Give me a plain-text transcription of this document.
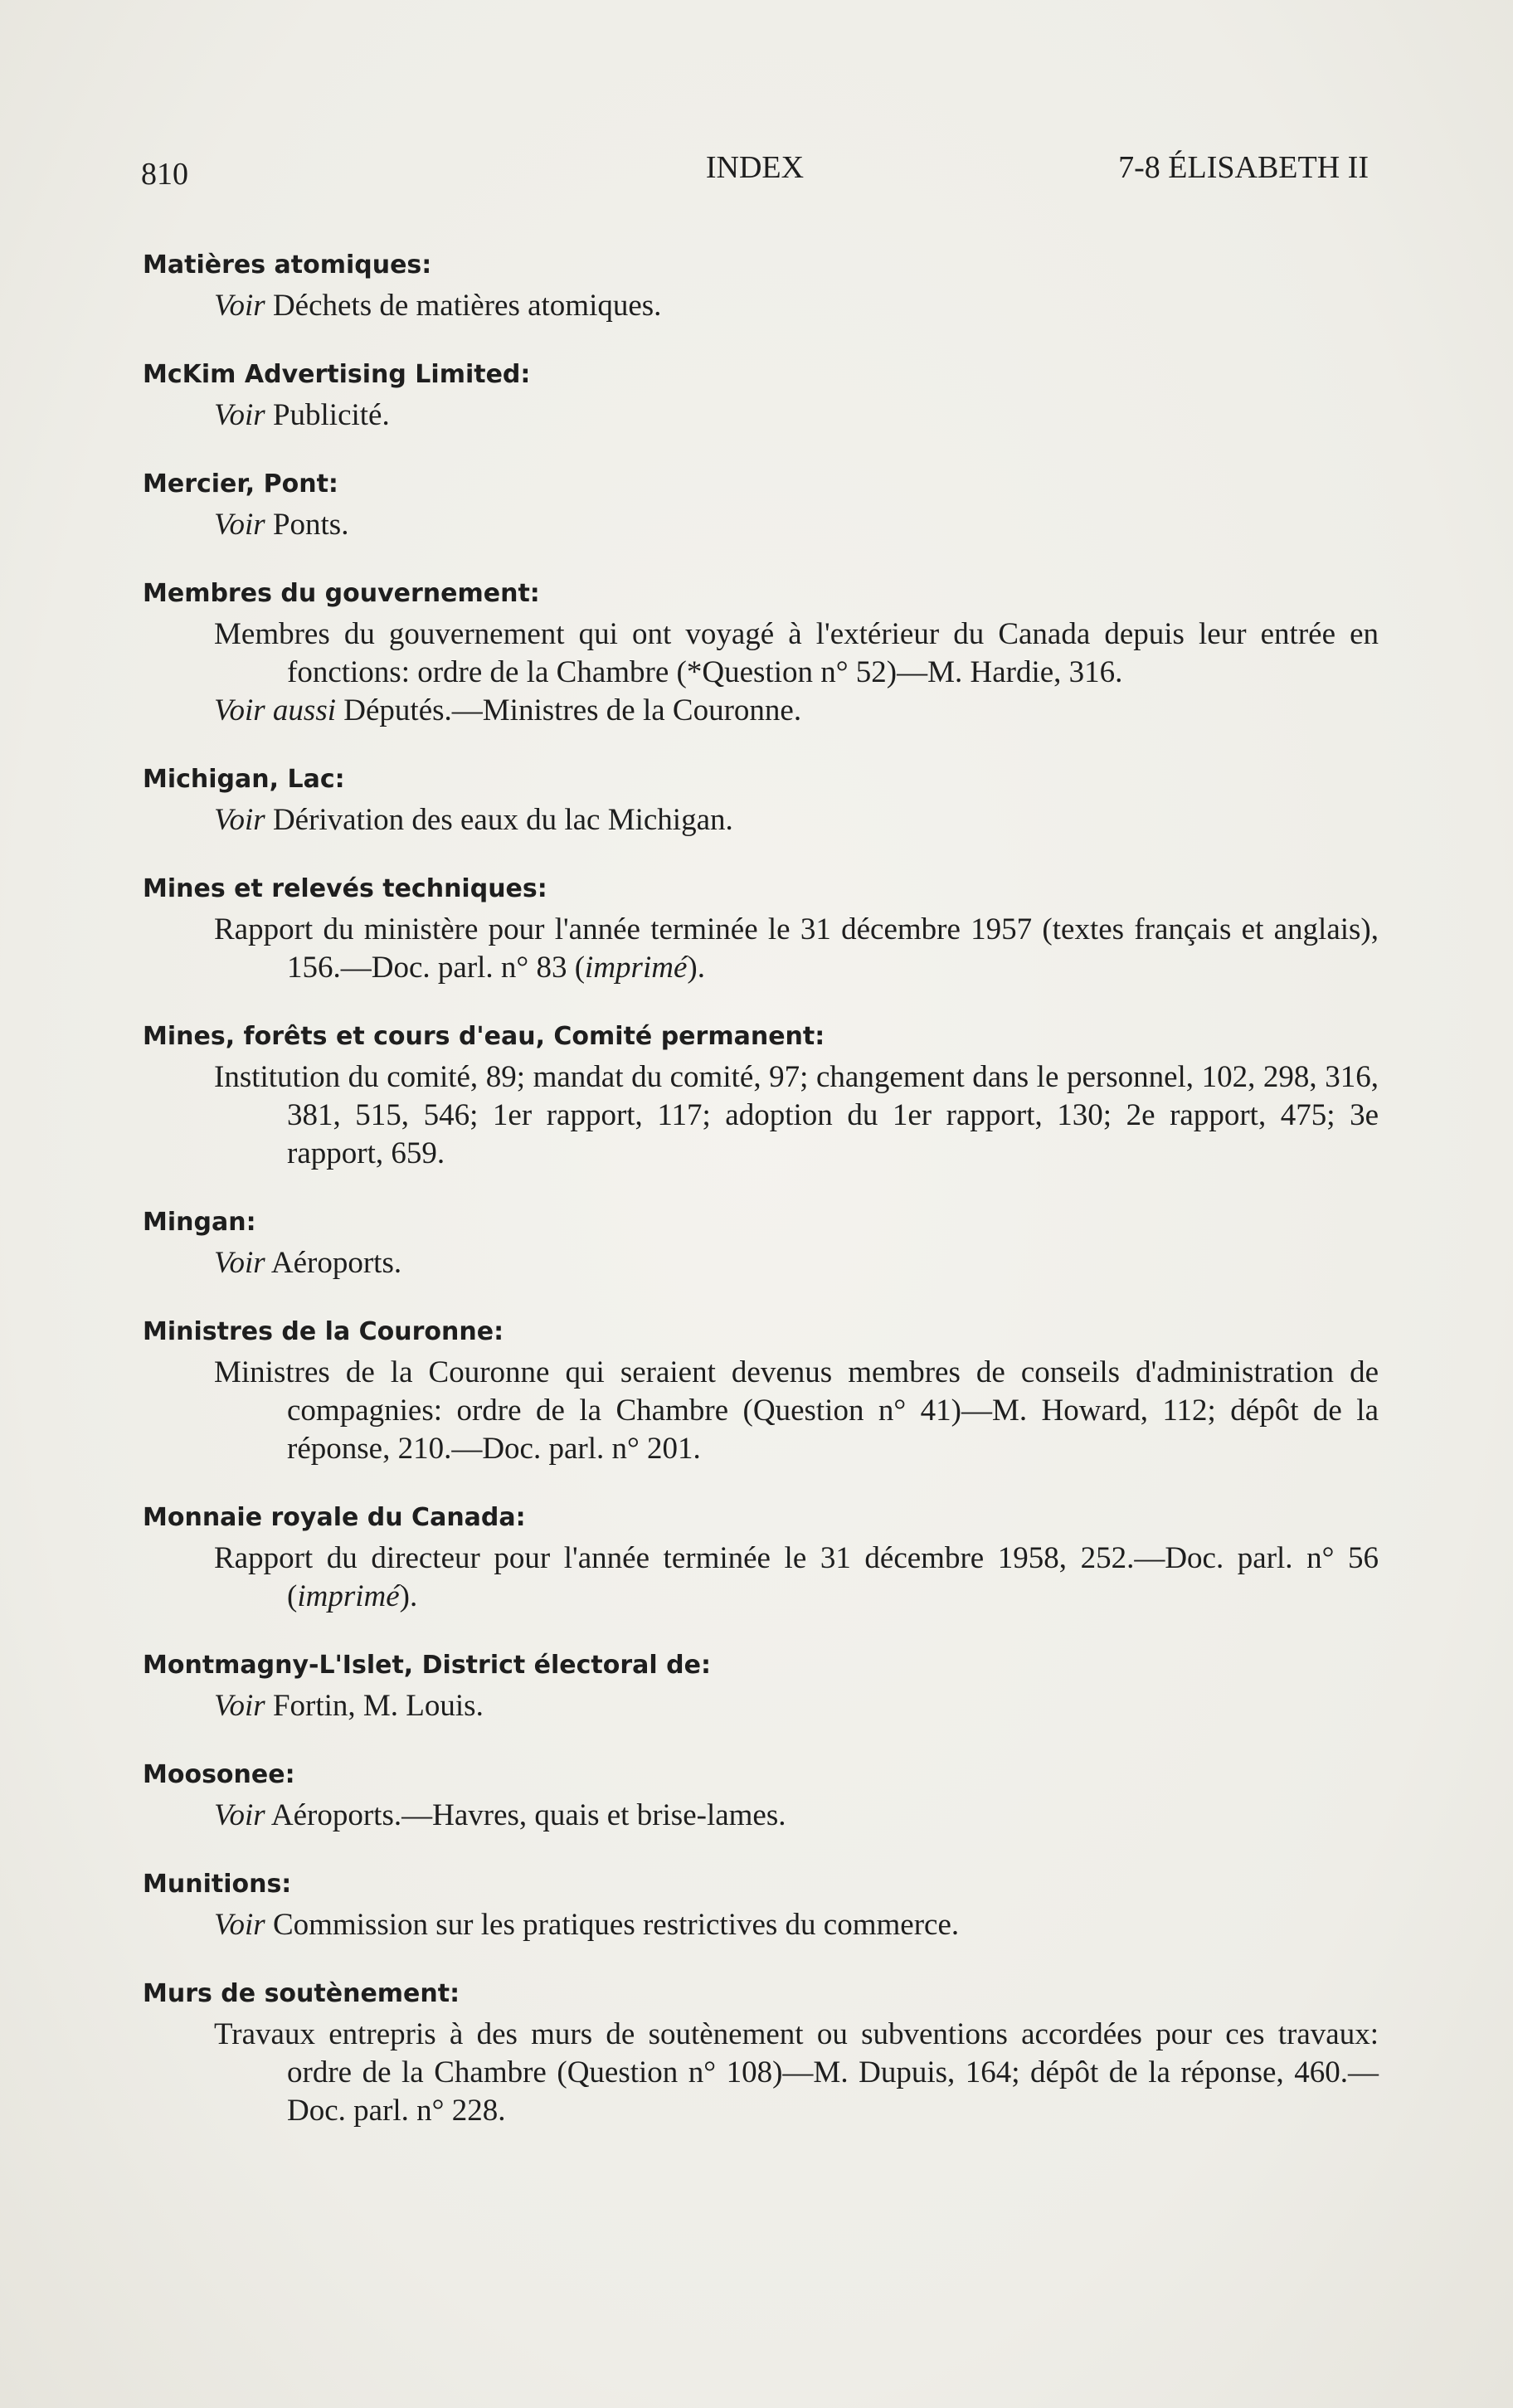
810	INDEX	7-8 ÉLISABETH II
Matières atomiques:
Voir Déchets de matières atomiques.
McKim Advertising Limited:
Voir Publicité.
Mercier, Pont:
Voir Ponts.
Membres du gouvernement:
Membres du gouvernement qui ont voyagé à l'extérieur du Canada depuis leur entrée en fonctions: ordre de la Chambre (*Question n° 52)—M. Hardie, 316.
Voir aussi Députés.—Ministres de la Couronne.
Michigan, Lac:
Voir Dérivation des eaux du lac Michigan.
Mines et relevés techniques:
Rapport du ministère pour l'année terminée le 31 décembre 1957 (textes français et anglais), 156.—Doc. parl. n° 83 (imprimé).
Mines, forêts et cours d'eau, Comité permanent:
Institution du comité, 89; mandat du comité, 97; changement dans le personnel, 102, 298, 316, 381, 515, 546; 1er rapport, 117; adoption du 1er rapport, 130; 2e rapport, 475; 3e rapport, 659.
Mingan:
Voir Aéroports.
Ministres de la Couronne:
Ministres de la Couronne qui seraient devenus membres de conseils d'administration de compagnies: ordre de la Chambre (Question n° 41)—M. Howard, 112; dépôt de la réponse, 210.—Doc. parl. n° 201.
Monnaie royale du Canada:
Rapport du directeur pour l'année terminée le 31 décembre 1958, 252.—Doc. parl. n° 56 (imprimé).
Montmagny-L'Islet, District électoral de:
Voir Fortin, M. Louis.
Moosonee:
Voir Aéroports.—Havres, quais et brise-lames.
Munitions:
Voir Commission sur les pratiques restrictives du commerce.
Murs de soutènement:
Travaux entrepris à des murs de soutènement ou subventions accordées pour ces travaux: ordre de la Chambre (Question n° 108)—M. Dupuis, 164; dépôt de la réponse, 460.—Doc. parl. n° 228.
